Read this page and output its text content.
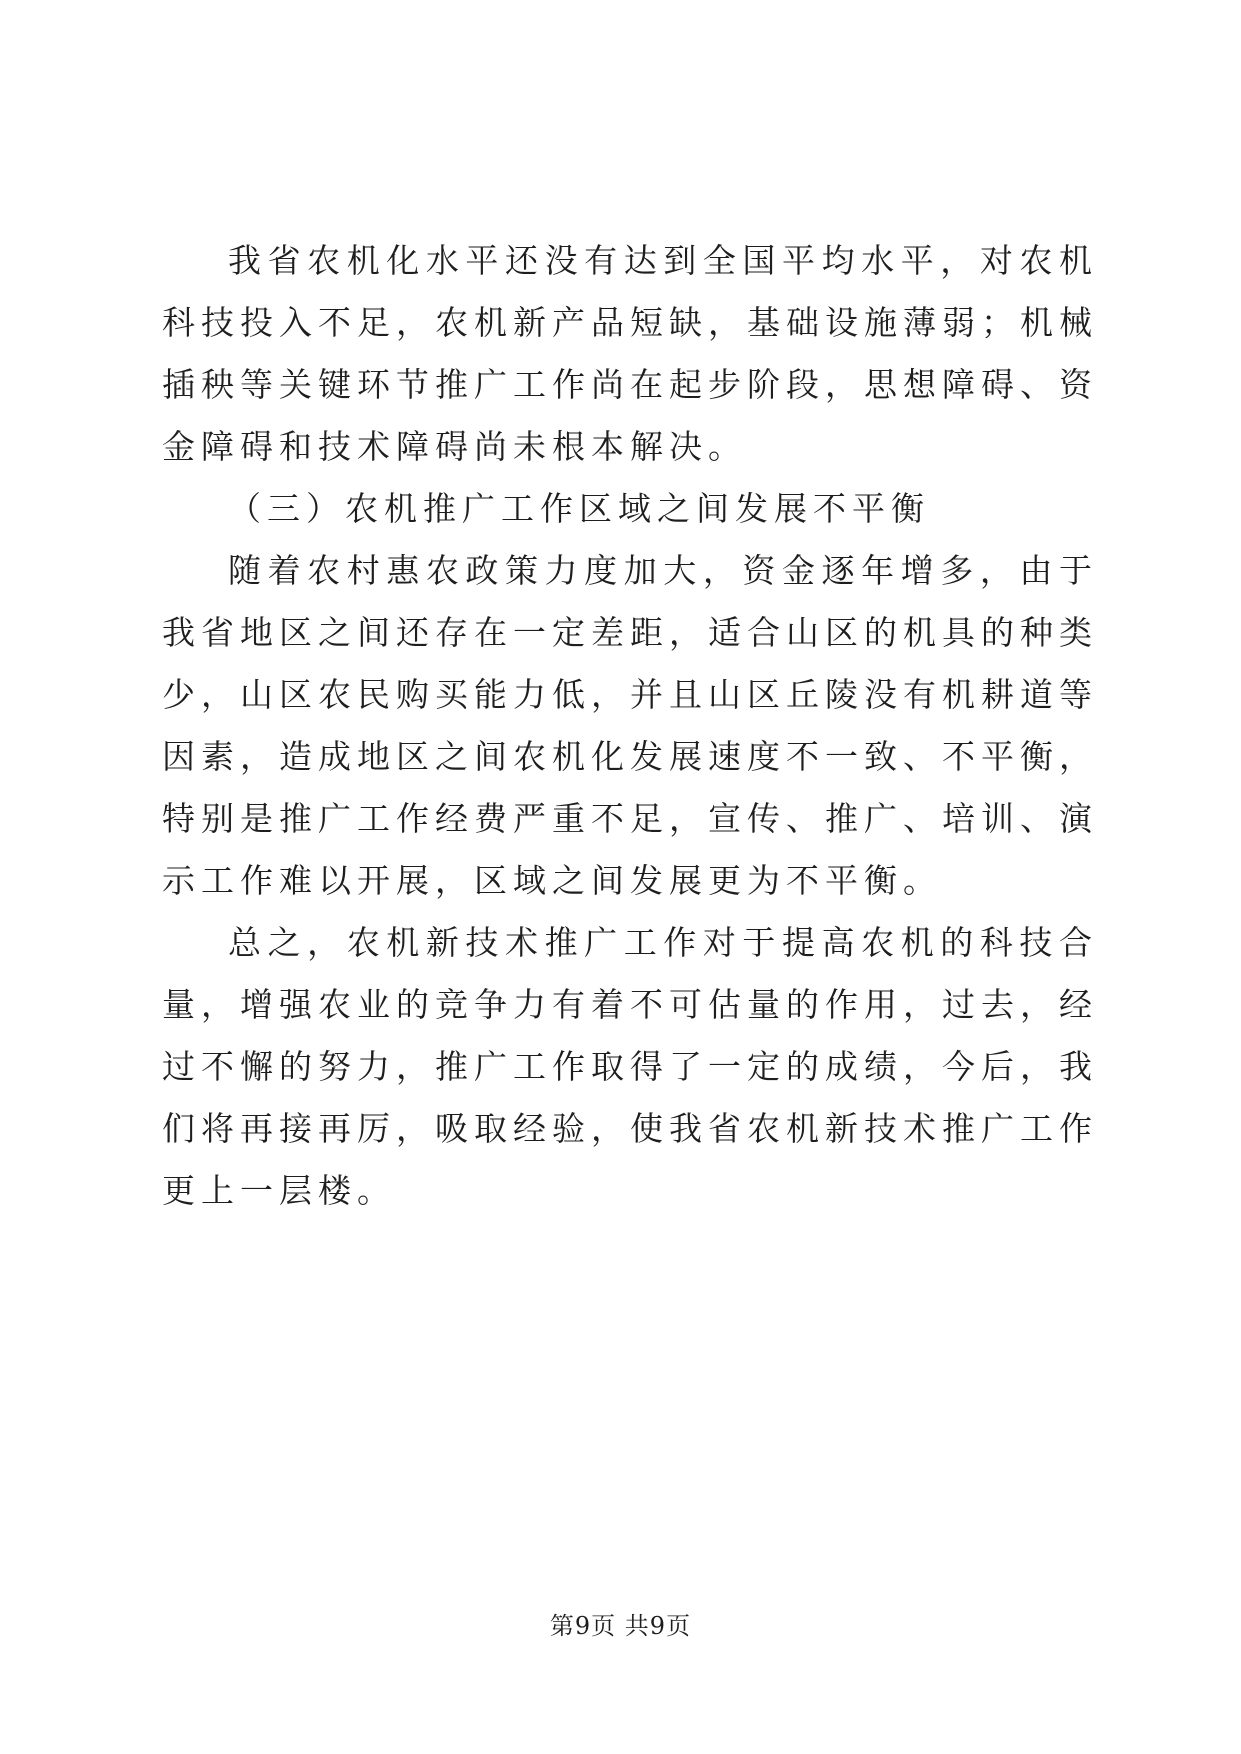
我省农机化水平还没有达到全国平均水平，对农机科技投入不足，农机新产品短缺，基础设施薄弱；机械插秧等关键环节推广工作尚在起步阶段，思想障碍、资金障碍和技术障碍尚未根本解决。

（三）农机推广工作区域之间发展不平衡

随着农村惠农政策力度加大，资金逐年增多，由于我省地区之间还存在一定差距，适合山区的机具的种类少，山区农民购买能力低，并且山区丘陵没有机耕道等因素，造成地区之间农机化发展速度不一致、不平衡，特别是推广工作经费严重不足，宣传、推广、培训、演示工作难以开展，区域之间发展更为不平衡。

总之，农机新技术推广工作对于提高农机的科技合量，增强农业的竞争力有着不可估量的作用，过去，经过不懈的努力，推广工作取得了一定的成绩，今后，我们将再接再厉，吸取经验，使我省农机新技术推广工作更上一层楼。

第9页 共9页
